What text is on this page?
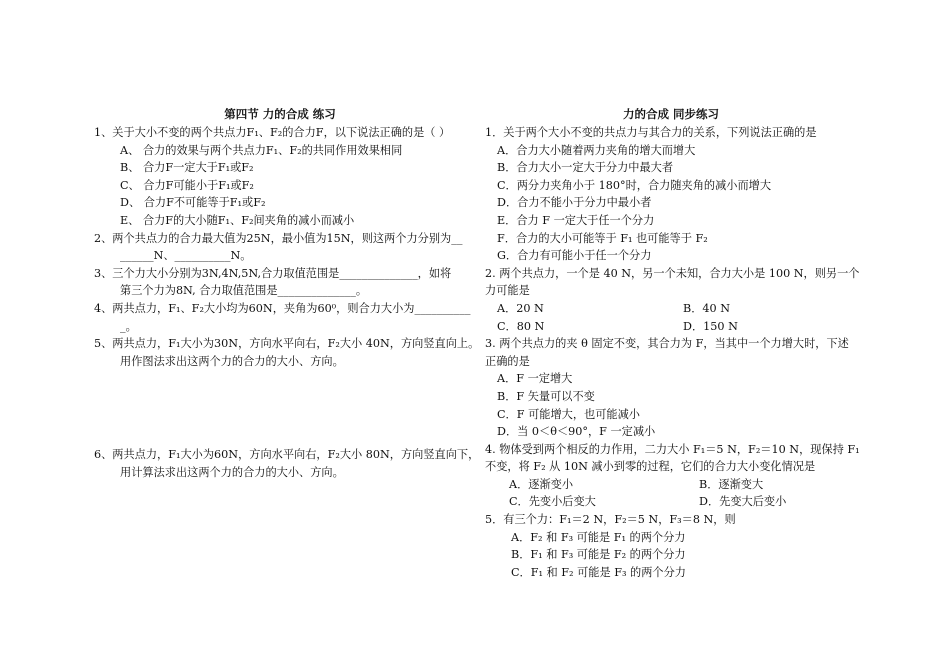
第四节 力的合成 练习
1、关于大小不变的两个共点力F₁、F₂的合力F，以下说法正确的是（ ）
A、 合力的效果与两个共点力F₁、F₂的共同作用效果相同
B、 合力F一定大于F₁或F₂
C、 合力F可能小于F₁或F₂
D、 合力F不可能等于F₁或F₂
E、 合力F的大小随F₁、F₂间夹角的减小而减小
2、两个共点力的合力最大值为25N，最小值为15N，则这两个力分别为__
______N、__________N。
3、三个力大小分别为3N,4N,5N,合力取值范围是______________，如将
第三个力为8N, 合力取值范围是______________。
4、两共点力，F₁、F₂大小均为60N，夹角为60⁰，则合力大小为__________
_。
5、两共点力，F₁大小为30N，方向水平向右，F₂大小 40N，方向竖直向上。
用作图法求出这两个力的合力的大小、方向。
6、两共点力，F₁大小为60N，方向水平向右，F₂大小 80N，方向竖直向下，
用计算法求出这两个力的合力的大小、方向。
力的合成 同步练习
1．关于两个大小不变的共点力与其合力的关系，下列说法正确的是
A．合力大小随着两力夹角的增大而增大
B．合力大小一定大于分力中最大者
C．两分力夹角小于 180°时，合力随夹角的减小而增大
D．合力不能小于分力中最小者
E．合力 F 一定大于任一个分力
F．合力的大小可能等于 F₁ 也可能等于 F₂
G．合力有可能小于任一个分力
2. 两个共点力，一个是 40 N，另一个未知，合力大小是 100 N，则另一个
力可能是
A．20 N	B．40 N
C．80 N	D．150 N
3. 两个共点力的夹 θ 固定不变，其合力为 F，当其中一个力增大时，下述
正确的是
A．F 一定增大
B．F 矢量可以不变
C．F 可能增大，也可能减小
D．当 0＜θ＜90°，F 一定减小
4. 物体受到两个相反的力作用，二力大小 F₁＝5 N，F₂＝10 N，现保持 F₁
不变，将 F₂ 从 10N 减小到零的过程，它们的合力大小变化情况是
A．逐渐变小	B．逐渐变大
C．先变小后变大	D．先变大后变小
5．有三个力：F₁＝2 N，F₂＝5 N，F₃＝8 N，则
A．F₂ 和 F₃ 可能是 F₁ 的两个分力
B．F₁ 和 F₃ 可能是 F₂ 的两个分力
C．F₁ 和 F₂ 可能是 F₃ 的两个分力
